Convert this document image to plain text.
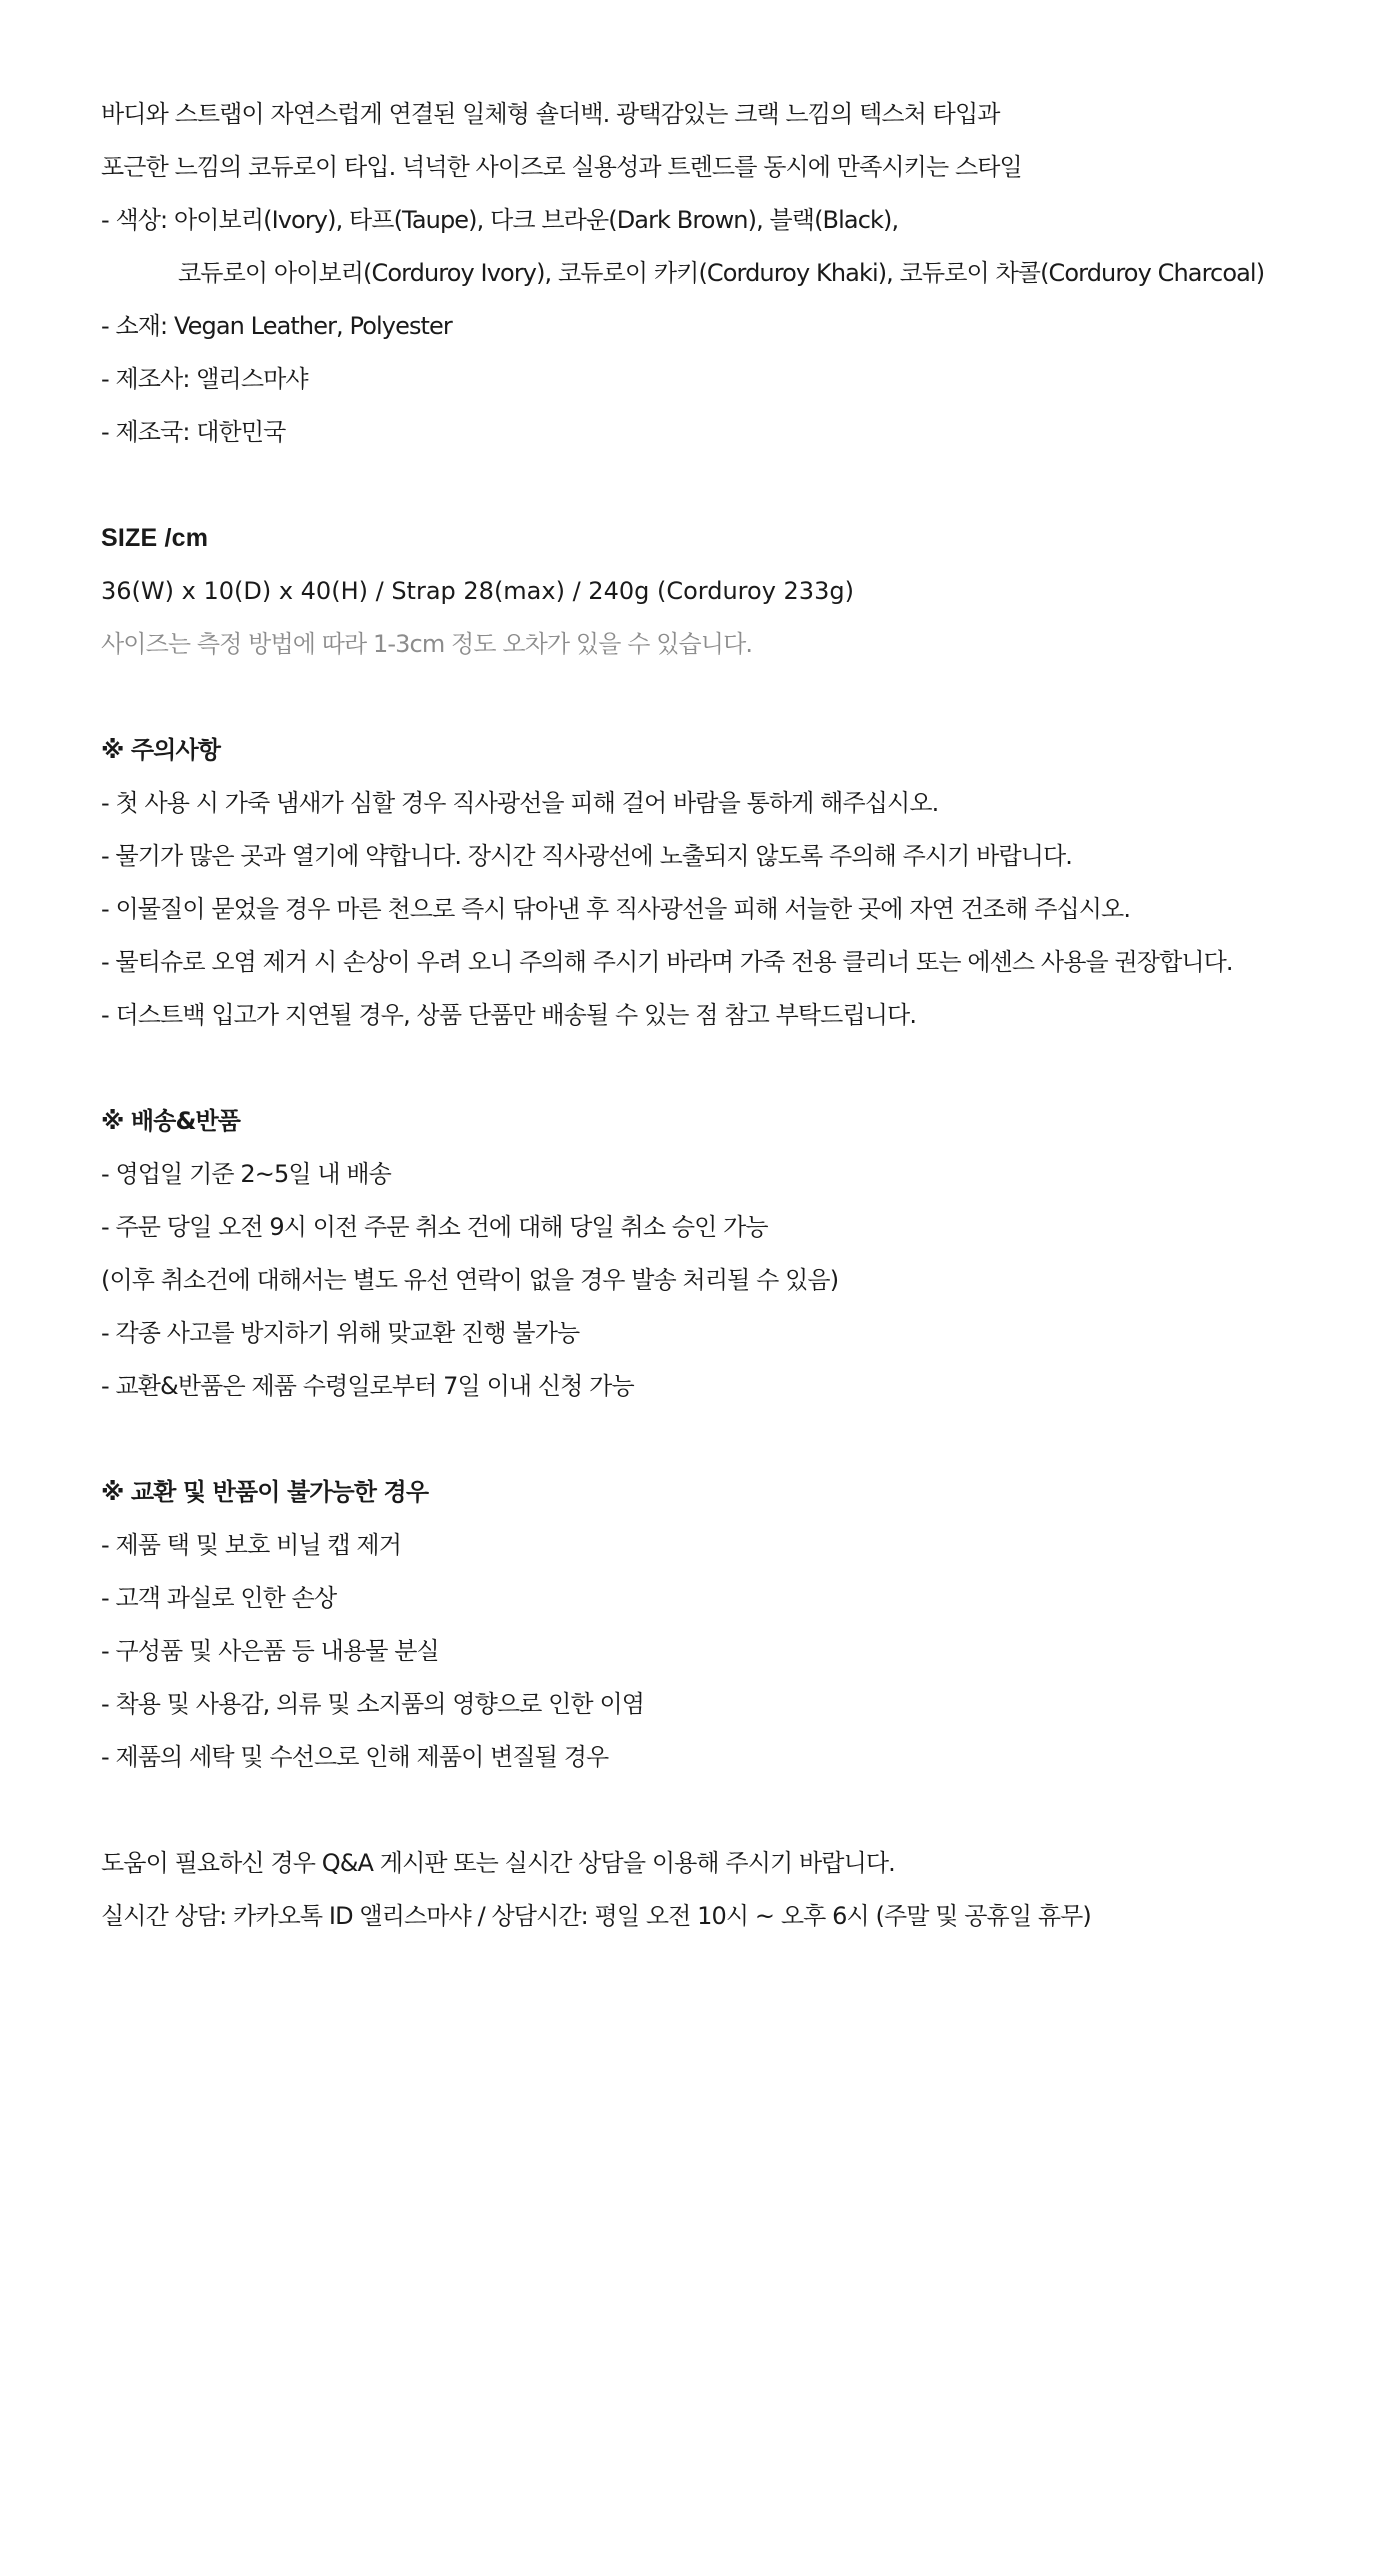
바디와 스트랩이 자연스럽게 연결된 일체형 숄더백. 광택감있는 크랙 느낌의 텍스처 타입과
포근한 느낌의 코듀로이 타입. 넉넉한 사이즈로 실용성과 트렌드를 동시에 만족시키는 스타일
- 색상: 아이보리(Ivory), 타프(Taupe), 다크 브라운(Dark Brown), 블랙(Black),
코듀로이 아이보리(Corduroy Ivory), 코듀로이 카키(Corduroy Khaki), 코듀로이 차콜(Corduroy Charcoal)
- 소재: Vegan Leather, Polyester
- 제조사: 앨리스마샤
- 제조국: 대한민국
SIZE /cm
36(W) x 10(D) x 40(H) / Strap 28(max) / 240g (Corduroy 233g)
사이즈는 측정 방법에 따라 1-3cm 정도 오차가 있을 수 있습니다.
※ 주의사항
- 첫 사용 시 가죽 냄새가 심할 경우 직사광선을 피해 걸어 바람을 통하게 해주십시오.
- 물기가 많은 곳과 열기에 약합니다. 장시간 직사광선에 노출되지 않도록 주의해 주시기 바랍니다.
- 이물질이 묻었을 경우 마른 천으로 즉시 닦아낸 후 직사광선을 피해 서늘한 곳에 자연 건조해 주십시오.
- 물티슈로 오염 제거 시 손상이 우려 오니 주의해 주시기 바라며 가죽 전용 클리너 또는 에센스 사용을 권장합니다.
- 더스트백 입고가 지연될 경우, 상품 단품만 배송될 수 있는 점 참고 부탁드립니다.
※ 배송&반품
- 영업일 기준 2~5일 내 배송
- 주문 당일 오전 9시 이전 주문 취소 건에 대해 당일 취소 승인 가능
(이후 취소건에 대해서는 별도 유선 연락이 없을 경우 발송 처리될 수 있음)
- 각종 사고를 방지하기 위해 맞교환 진행 불가능
- 교환&반품은 제품 수령일로부터 7일 이내 신청 가능
※ 교환 및 반품이 불가능한 경우
- 제품 택 및 보호 비닐 캡 제거
- 고객 과실로 인한 손상
- 구성품 및 사은품 등 내용물 분실
- 착용 및 사용감, 의류 및 소지품의 영향으로 인한 이염
- 제품의 세탁 및 수선으로 인해 제품이 변질될 경우
도움이 필요하신 경우 Q&A 게시판 또는 실시간 상담을 이용해 주시기 바랍니다.
실시간 상담: 카카오톡 ID 앨리스마샤 / 상담시간: 평일 오전 10시 ~ 오후 6시 (주말 및 공휴일 휴무)
